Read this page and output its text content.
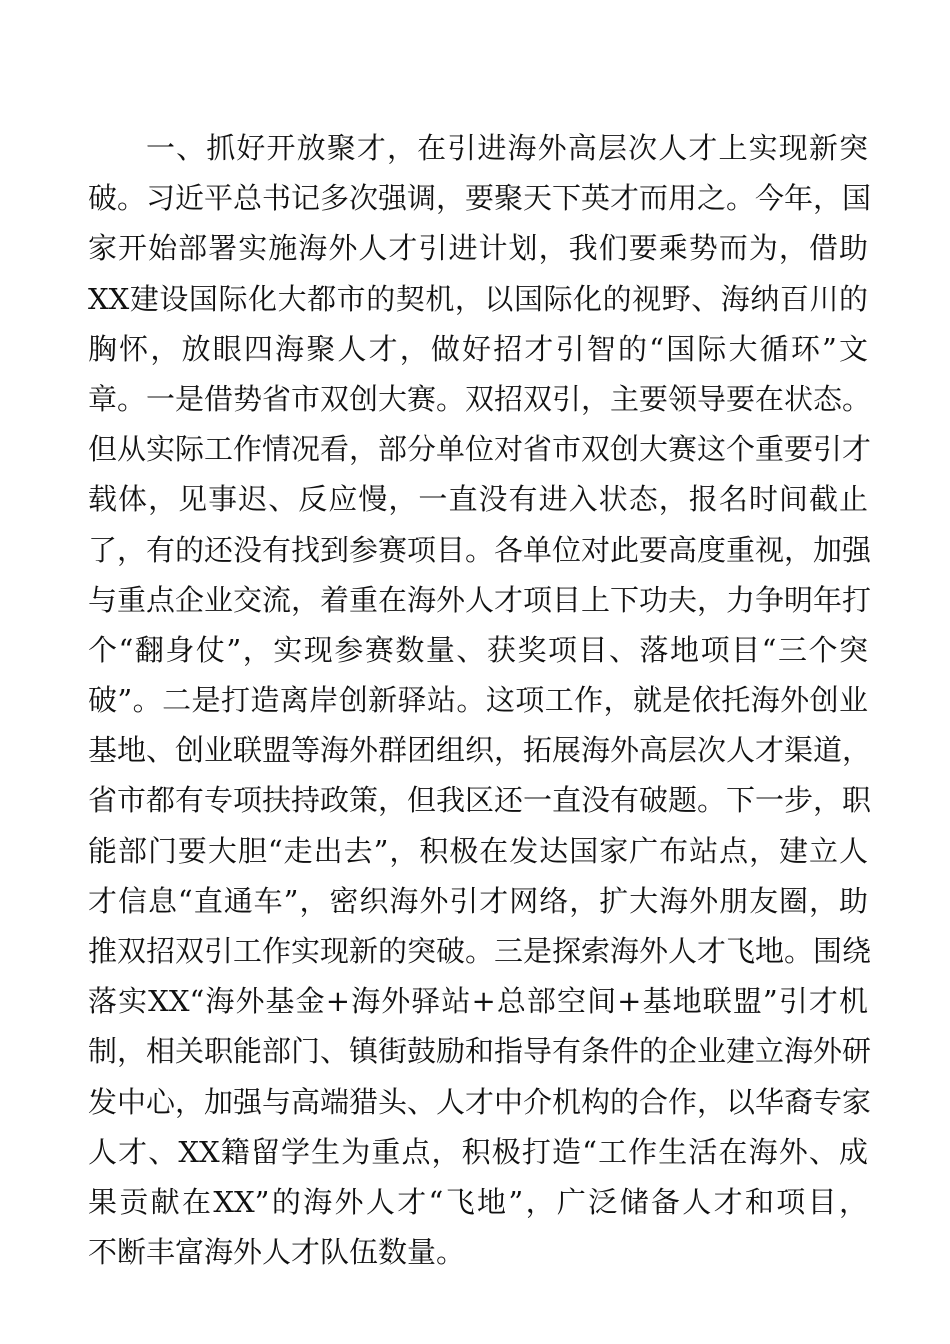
一、抓好开放聚才，在引进海外高层次人才上实现新突
破。习近平总书记多次强调，要聚天下英才而用之。今年，国
家开始部署实施海外人才引进计划，我们要乘势而为，借助
XX建设国际化大都市的契机，以国际化的视野、海纳百川的
胸怀，放眼四海聚人才，做好招才引智的“国际大循环”文
章。一是借势省市双创大赛。双招双引，主要领导要在状态。
但从实际工作情况看，部分单位对省市双创大赛这个重要引才
载体，见事迟、反应慢，一直没有进入状态，报名时间截止
了，有的还没有找到参赛项目。各单位对此要高度重视，加强
与重点企业交流，着重在海外人才项目上下功夫，力争明年打
个“翻身仗”，实现参赛数量、获奖项目、落地项目“三个突
破”。二是打造离岸创新驿站。这项工作，就是依托海外创业
基地、创业联盟等海外群团组织，拓展海外高层次人才渠道，
省市都有专项扶持政策，但我区还一直没有破题。下一步，职
能部门要大胆“走出去”，积极在发达国家广布站点，建立人
才信息“直通车”，密织海外引才网络，扩大海外朋友圈，助
推双招双引工作实现新的突破。三是探索海外人才飞地。围绕
落实XX“海外基金+海外驿站+总部空间+基地联盟”引才机
制，相关职能部门、镇街鼓励和指导有条件的企业建立海外研
发中心，加强与高端猎头、人才中介机构的合作，以华裔专家
人才、XX籍留学生为重点，积极打造“工作生活在海外、成
果贡献在XX”的海外人才“飞地”，广泛储备人才和项目，
不断丰富海外人才队伍数量。
